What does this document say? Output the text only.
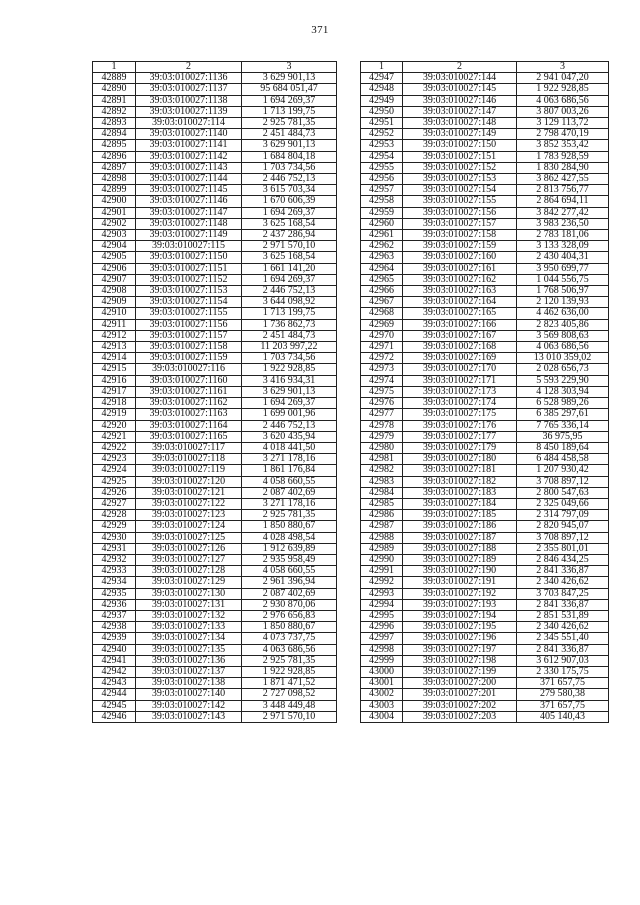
371
1	2	3
42889	39:03:010027:1136	3 629 901,13
42890	39:03:010027:1137	95 684 051,47
42891	39:03:010027:1138	1 694 269,37
42892	39:03:010027:1139	1 713 199,75
42893	39:03:010027:114	2 925 781,35
42894	39:03:010027:1140	2 451 484,73
42895	39:03:010027:1141	3 629 901,13
42896	39:03:010027:1142	1 684 804,18
42897	39:03:010027:1143	1 703 734,56
42898	39:03:010027:1144	2 446 752,13
42899	39:03:010027:1145	3 615 703,34
42900	39:03:010027:1146	1 670 606,39
42901	39:03:010027:1147	1 694 269,37
42902	39:03:010027:1148	3 625 168,54
42903	39:03:010027:1149	2 437 286,94
42904	39:03:010027:115	2 971 570,10
42905	39:03:010027:1150	3 625 168,54
42906	39:03:010027:1151	1 661 141,20
42907	39:03:010027:1152	1 694 269,37
42908	39:03:010027:1153	2 446 752,13
42909	39:03:010027:1154	3 644 098,92
42910	39:03:010027:1155	1 713 199,75
42911	39:03:010027:1156	1 736 862,73
42912	39:03:010027:1157	2 451 484,73
42913	39:03:010027:1158	11 203 997,22
42914	39:03:010027:1159	1 703 734,56
42915	39:03:010027:116	1 922 928,85
42916	39:03:010027:1160	3 416 934,31
42917	39:03:010027:1161	3 629 901,13
42918	39:03:010027:1162	1 694 269,37
42919	39:03:010027:1163	1 699 001,96
42920	39:03:010027:1164	2 446 752,13
42921	39:03:010027:1165	3 620 435,94
42922	39:03:010027:117	4 018 441,50
42923	39:03:010027:118	3 271 178,16
42924	39:03:010027:119	1 861 176,84
42925	39:03:010027:120	4 058 660,55
42926	39:03:010027:121	2 087 402,69
42927	39:03:010027:122	3 271 178,16
42928	39:03:010027:123	2 925 781,35
42929	39:03:010027:124	1 850 880,67
42930	39:03:010027:125	4 028 498,54
42931	39:03:010027:126	1 912 639,89
42932	39:03:010027:127	2 935 958,49
42933	39:03:010027:128	4 058 660,55
42934	39:03:010027:129	2 961 396,94
42935	39:03:010027:130	2 087 402,69
42936	39:03:010027:131	2 930 870,06
42937	39:03:010027:132	2 976 656,83
42938	39:03:010027:133	1 850 880,67
42939	39:03:010027:134	4 073 737,75
42940	39:03:010027:135	4 063 686,56
42941	39:03:010027:136	2 925 781,35
42942	39:03:010027:137	1 922 928,85
42943	39:03:010027:138	1 871 471,52
42944	39:03:010027:140	2 727 098,52
42945	39:03:010027:142	3 448 449,48
42946	39:03:010027:143	2 971 570,10
1	2	3
42947	39:03:010027:144	2 941 047,20
42948	39:03:010027:145	1 922 928,85
42949	39:03:010027:146	4 063 686,56
42950	39:03:010027:147	3 807 003,26
42951	39:03:010027:148	3 129 113,72
42952	39:03:010027:149	2 798 470,19
42953	39:03:010027:150	3 852 353,42
42954	39:03:010027:151	1 783 928,59
42955	39:03:010027:152	1 830 284,90
42956	39:03:010027:153	3 862 427,55
42957	39:03:010027:154	2 813 756,77
42958	39:03:010027:155	2 864 694,11
42959	39:03:010027:156	3 842 277,42
42960	39:03:010027:157	3 983 236,50
42961	39:03:010027:158	2 783 181,06
42962	39:03:010027:159	3 133 328,09
42963	39:03:010027:160	2 430 404,31
42964	39:03:010027:161	3 950 699,77
42965	39:03:010027:162	1 044 556,75
42966	39:03:010027:163	1 768 506,97
42967	39:03:010027:164	2 120 139,93
42968	39:03:010027:165	4 462 636,00
42969	39:03:010027:166	2 823 405,86
42970	39:03:010027:167	3 569 808,63
42971	39:03:010027:168	4 063 686,56
42972	39:03:010027:169	13 010 359,02
42973	39:03:010027:170	2 028 656,73
42974	39:03:010027:171	5 593 229,90
42975	39:03:010027:173	4 128 303,94
42976	39:03:010027:174	6 528 989,26
42977	39:03:010027:175	6 385 297,61
42978	39:03:010027:176	7 765 336,14
42979	39:03:010027:177	36 975,95
42980	39:03:010027:179	8 450 189,64
42981	39:03:010027:180	6 484 458,58
42982	39:03:010027:181	1 207 930,42
42983	39:03:010027:182	3 708 897,12
42984	39:03:010027:183	2 800 547,63
42985	39:03:010027:184	2 325 049,66
42986	39:03:010027:185	2 314 797,09
42987	39:03:010027:186	2 820 945,07
42988	39:03:010027:187	3 708 897,12
42989	39:03:010027:188	2 355 801,01
42990	39:03:010027:189	2 846 434,25
42991	39:03:010027:190	2 841 336,87
42992	39:03:010027:191	2 340 426,62
42993	39:03:010027:192	3 703 847,25
42994	39:03:010027:193	2 841 336,87
42995	39:03:010027:194	2 851 531,89
42996	39:03:010027:195	2 340 426,62
42997	39:03:010027:196	2 345 551,40
42998	39:03:010027:197	2 841 336,87
42999	39:03:010027:198	3 612 907,03
43000	39:03:010027:199	2 330 175,75
43001	39:03:010027:200	371 657,75
43002	39:03:010027:201	279 580,38
43003	39:03:010027:202	371 657,75
43004	39:03:010027:203	405 140,43
